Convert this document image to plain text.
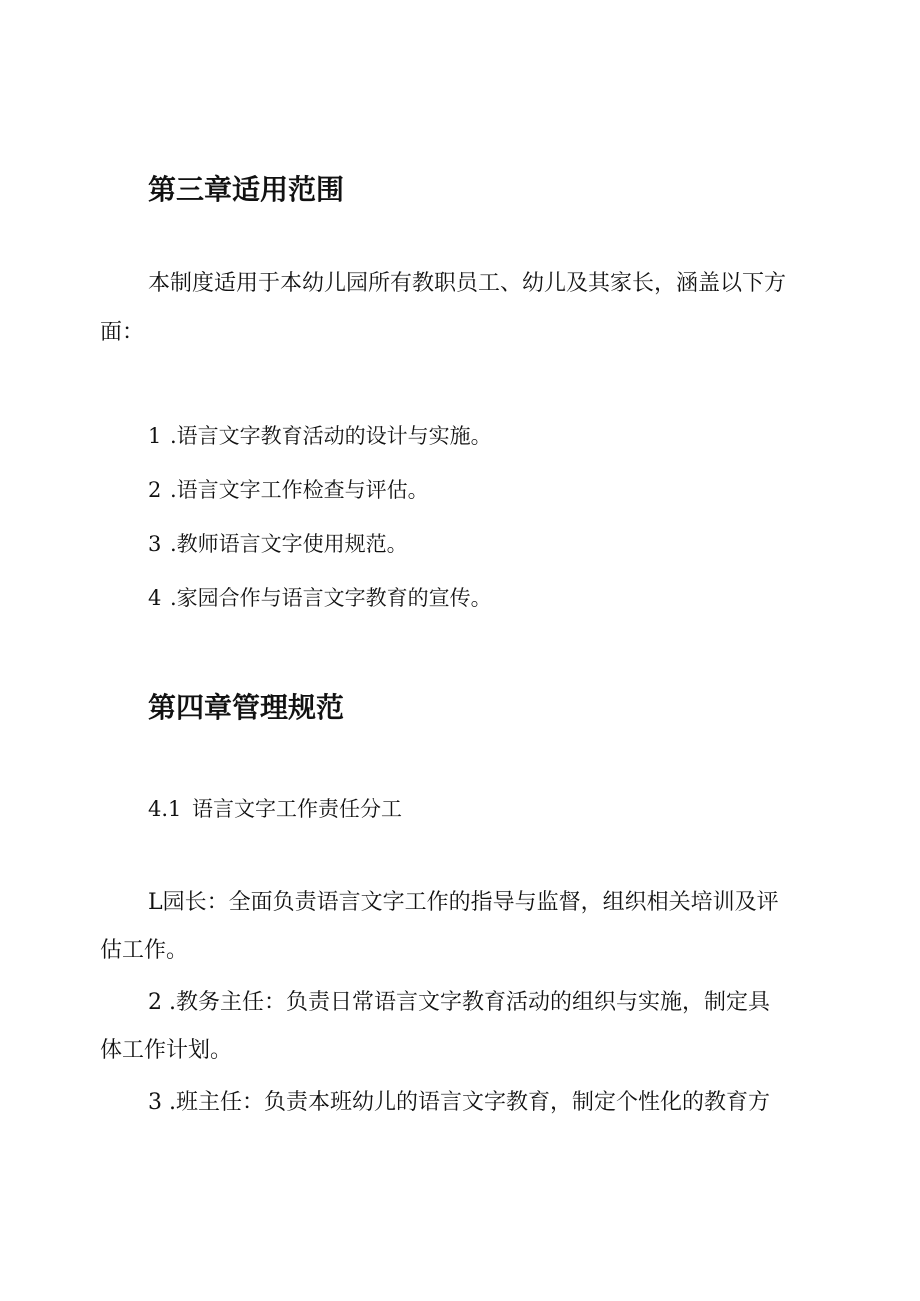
第三章适用范围
本制度适用于本幼儿园所有教职员工、幼儿及其家长，涵盖以下方
面：
1 .语言文字教育活动的设计与实施。
2 .语言文字工作检查与评估。
3 .教师语言文字使用规范。
4 .家园合作与语言文字教育的宣传。
第四章管理规范
4.1 语言文字工作责任分工
L园长：全面负责语言文字工作的指导与监督，组织相关培训及评
估工作。
2 .教务主任：负责日常语言文字教育活动的组织与实施，制定具
体工作计划。
3 .班主任：负责本班幼儿的语言文字教育，制定个性化的教育方
